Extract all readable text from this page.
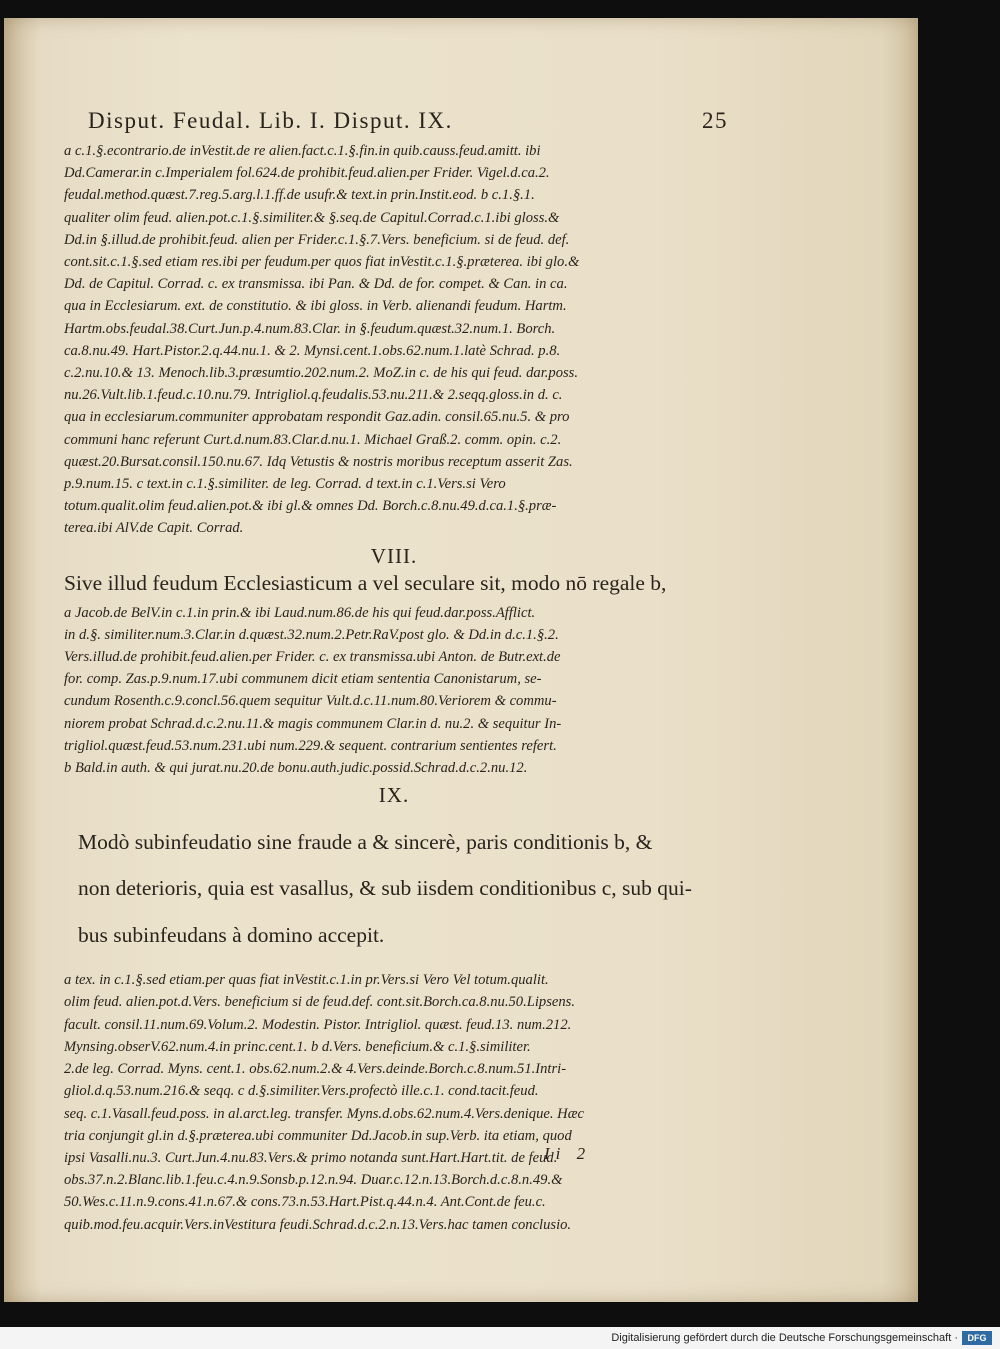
Disput. Feudal. Lib. I. Disput. IX.	25

a c.1.§.econtrario.de inVestit.de re alien.fact.c.1.§.fin.in quib.causs.feud.amitt. ibi

Dd.Camerar.in c.Imperialem fol.624.de prohibit.feud.alien.per Frider. Vigel.d.ca.2.

feudal.method.quæst.7.reg.5.arg.l.1.ff.de usufr.& text.in prin.Instit.eod. b c.1.§.1.

qualiter olim feud. alien.pot.c.1.§.similiter.& §.seq.de Capitul.Corrad.c.1.ibi gloss.&

Dd.in §.illud.de prohibit.feud. alien per Frider.c.1.§.7.Vers. beneficium. si de feud. def.

cont.sit.c.1.§.sed etiam res.ibi per feudum.per quos fiat inVestit.c.1.§.præterea. ibi glo.&

Dd. de Capitul. Corrad. c. ex transmissa. ibi Pan. & Dd. de for. compet. & Can. in ca.

qua in Ecclesiarum. ext. de constitutio. & ibi gloss. in Verb. alienandi feudum. Hartm.

Hartm.obs.feudal.38.Curt.Jun.p.4.num.83.Clar. in §.feudum.quæst.32.num.1. Borch.

ca.8.nu.49. Hart.Pistor.2.q.44.nu.1. & 2. Mynsi.cent.1.obs.62.num.1.latè Schrad. p.8.

c.2.nu.10.& 13. Menoch.lib.3.præsumtio.202.num.2. MoZ.in c. de his qui feud. dar.poss.

nu.26.Vult.lib.1.feud.c.10.nu.79. Intrigliol.q.feudalis.53.nu.211.& 2.seqq.gloss.in d. c.

qua in ecclesiarum.communiter approbatam respondit Gaz.adin. consil.65.nu.5. & pro

communi hanc referunt Curt.d.num.83.Clar.d.nu.1. Michael Graß.2. comm. opin. c.2.

quæst.20.Bursat.consil.150.nu.67. Idq Vetustis & nostris moribus receptum asserit Zas.

p.9.num.15. c text.in c.1.§.similiter. de leg. Corrad. d text.in c.1.Vers.si Vero

totum.qualit.olim feud.alien.pot.& ibi gl.& omnes Dd. Borch.c.8.nu.49.d.ca.1.§.præ-

terea.ibi AlV.de Capit. Corrad.

VIII.
Sive illud feudum Ecclesiasticum a vel seculare sit, modo nō regale b,

a Jacob.de BelV.in c.1.in prin.& ibi Laud.num.86.de his qui feud.dar.poss.Afflict.

in d.§. similiter.num.3.Clar.in d.quæst.32.num.2.Petr.RaV.post glo. & Dd.in d.c.1.§.2.

Vers.illud.de prohibit.feud.alien.per Frider. c. ex transmissa.ubi Anton. de Butr.ext.de

for. comp. Zas.p.9.num.17.ubi communem dicit etiam sententia Canonistarum, se-

cundum Rosenth.c.9.concl.56.quem sequitur Vult.d.c.11.num.80.Veriorem & commu-

niorem probat Schrad.d.c.2.nu.11.& magis communem Clar.in d. nu.2. & sequitur In-

trigliol.quæst.feud.53.num.231.ubi num.229.& sequent. contrarium sentientes refert.

b Bald.in auth. & qui jurat.nu.20.de bonu.auth.judic.possid.Schrad.d.c.2.nu.12.

IX.

Modò subinfeudatio sine fraude a & sincerè, paris conditionis b, &

non deterioris, quia est vasallus, & sub iisdem conditionibus c, sub qui-

bus subinfeudans à domino accepit.

a tex. in c.1.§.sed etiam.per quas fiat inVestit.c.1.in pr.Vers.si Vero Vel totum.qualit.

olim feud. alien.pot.d.Vers. beneficium si de feud.def. cont.sit.Borch.ca.8.nu.50.Lipsens.

facult. consil.11.num.69.Volum.2. Modestin. Pistor. Intrigliol. quæst. feud.13. num.212.

Mynsing.obserV.62.num.4.in princ.cent.1. b d.Vers. beneficium.& c.1.§.similiter.

2.de leg. Corrad. Myns. cent.1. obs.62.num.2.& 4.Vers.deinde.Borch.c.8.num.51.Intri-

gliol.d.q.53.num.216.& seqq. c d.§.similiter.Vers.profectò ille.c.1. cond.tacit.feud.

seq. c.1.Vasall.feud.poss. in al.arct.leg. transfer. Myns.d.obs.62.num.4.Vers.denique. Hæc

tria conjungit gl.in d.§.præterea.ubi communiter Dd.Jacob.in sup.Verb. ita etiam, quod

ipsi Vasalli.nu.3. Curt.Jun.4.nu.83.Vers.& primo notanda sunt.Hart.Hart.tit. de feud.

obs.37.n.2.Blanc.lib.1.feu.c.4.n.9.Sonsb.p.12.n.94. Duar.c.12.n.13.Borch.d.c.8.n.49.&

50.Wes.c.11.n.9.cons.41.n.67.& cons.73.n.53.Hart.Pist.q.44.n.4. Ant.Cont.de feu.c.

quib.mod.feu.acquir.Vers.inVestitura feudi.Schrad.d.c.2.n.13.Vers.hac tamen conclusio.

Ii 2
Digitalisierung gefördert durch die Deutsche Forschungsgemeinschaft ·	DFG
